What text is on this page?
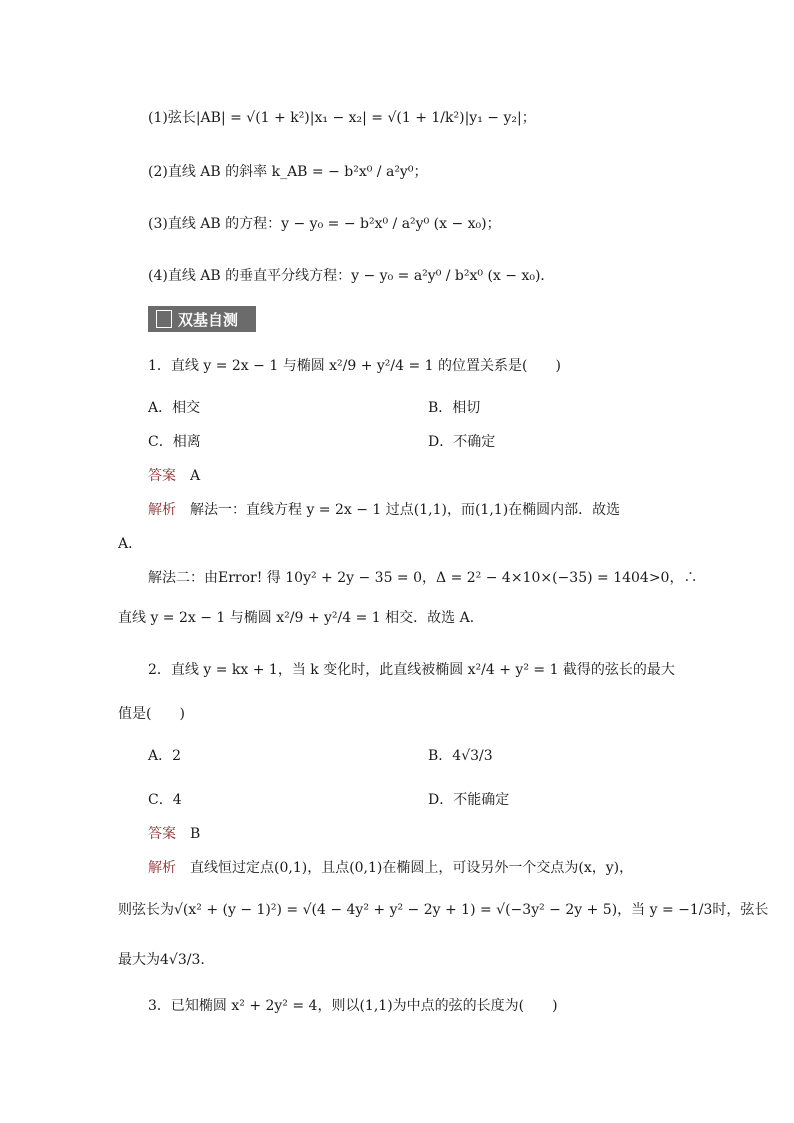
(1)弦长|AB| = √(1 + k²)|x₁ − x₂| = √(1 + 1/k²)|y₁ − y₂|；
(2)直线 AB 的斜率 k_AB = − b²x⁰ / a²y⁰；
(3)直线 AB 的方程：y − y₀ = − b²x⁰ / a²y⁰ (x − x₀)；
(4)直线 AB 的垂直平分线方程：y − y₀ = a²y⁰ / b²x⁰ (x − x₀)．
双基自测
1．直线 y = 2x − 1 与椭圆 x²/9 + y²/4 = 1 的位置关系是(　　)
A．相交	B．相切
C．相离	D．不确定
答案　 A
解析　 解法一：直线方程 y = 2x − 1 过点(1,1)，而(1,1)在椭圆内部．故选
A．
解法二：由Error! 得 10y² + 2y − 35 = 0，Δ = 2² − 4×10×(−35) = 1404>0，∴
直线 y = 2x − 1 与椭圆 x²/9 + y²/4 = 1 相交．故选 A．
2．直线 y = kx + 1，当 k 变化时，此直线被椭圆 x²/4 + y² = 1 截得的弦长的最大
值是(　　)
A．2	B．4√3/3
C．4	D．不能确定
答案　 B
解析　 直线恒过定点(0,1)，且点(0,1)在椭圆上，可设另外一个交点为(x，y)，
则弦长为√(x² + (y − 1)²) = √(4 − 4y² + y² − 2y + 1) = √(−3y² − 2y + 5)，当 y = −1/3时，弦长
最大为4√3/3.
3．已知椭圆 x² + 2y² = 4，则以(1,1)为中点的弦的长度为(　　)
